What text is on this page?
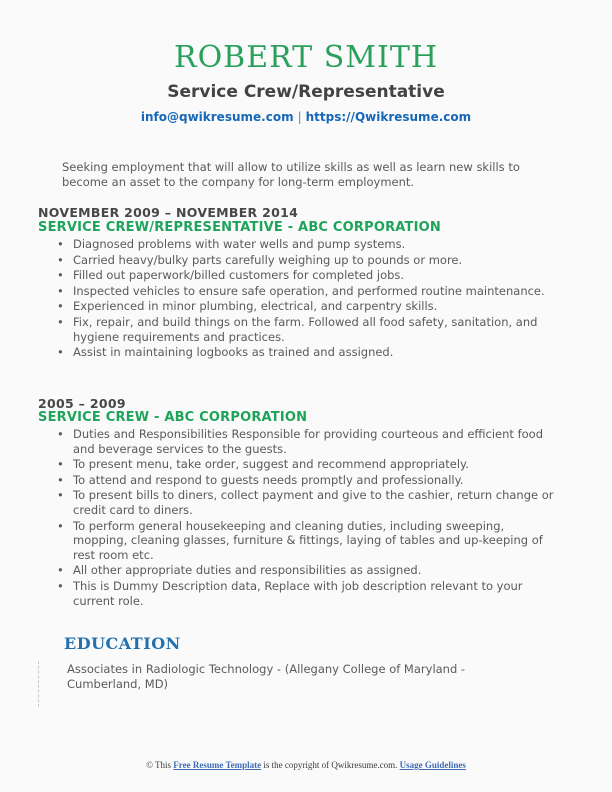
ROBERT SMITH
Service Crew/Representative
info@qwikresume.com | https://Qwikresume.com
Seeking employment that will allow to utilize skills as well as learn new skills to become an asset to the company for long-term employment.
NOVEMBER 2009 – NOVEMBER 2014
SERVICE CREW/REPRESENTATIVE - ABC CORPORATION
• Diagnosed problems with water wells and pump systems.
• Carried heavy/bulky parts carefully weighing up to pounds or more.
• Filled out paperwork/billed customers for completed jobs.
• Inspected vehicles to ensure safe operation, and performed routine maintenance.
• Experienced in minor plumbing, electrical, and carpentry skills.
• Fix, repair, and build things on the farm. Followed all food safety, sanitation, and hygiene requirements and practices.
• Assist in maintaining logbooks as trained and assigned.
2005 – 2009
SERVICE CREW - ABC CORPORATION
• Duties and Responsibilities Responsible for providing courteous and efficient food and beverage services to the guests.
• To present menu, take order, suggest and recommend appropriately.
• To attend and respond to guests needs promptly and professionally.
• To present bills to diners, collect payment and give to the cashier, return change or credit card to diners.
• To perform general housekeeping and cleaning duties, including sweeping, mopping, cleaning glasses, furniture & fittings, laying of tables and up-keeping of rest room etc.
• All other appropriate duties and responsibilities as assigned.
• This is Dummy Description data, Replace with job description relevant to your current role.
EDUCATION
Associates in Radiologic Technology - (Allegany College of Maryland - Cumberland, MD)
© This Free Resume Template is the copyright of Qwikresume.com. Usage Guidelines
